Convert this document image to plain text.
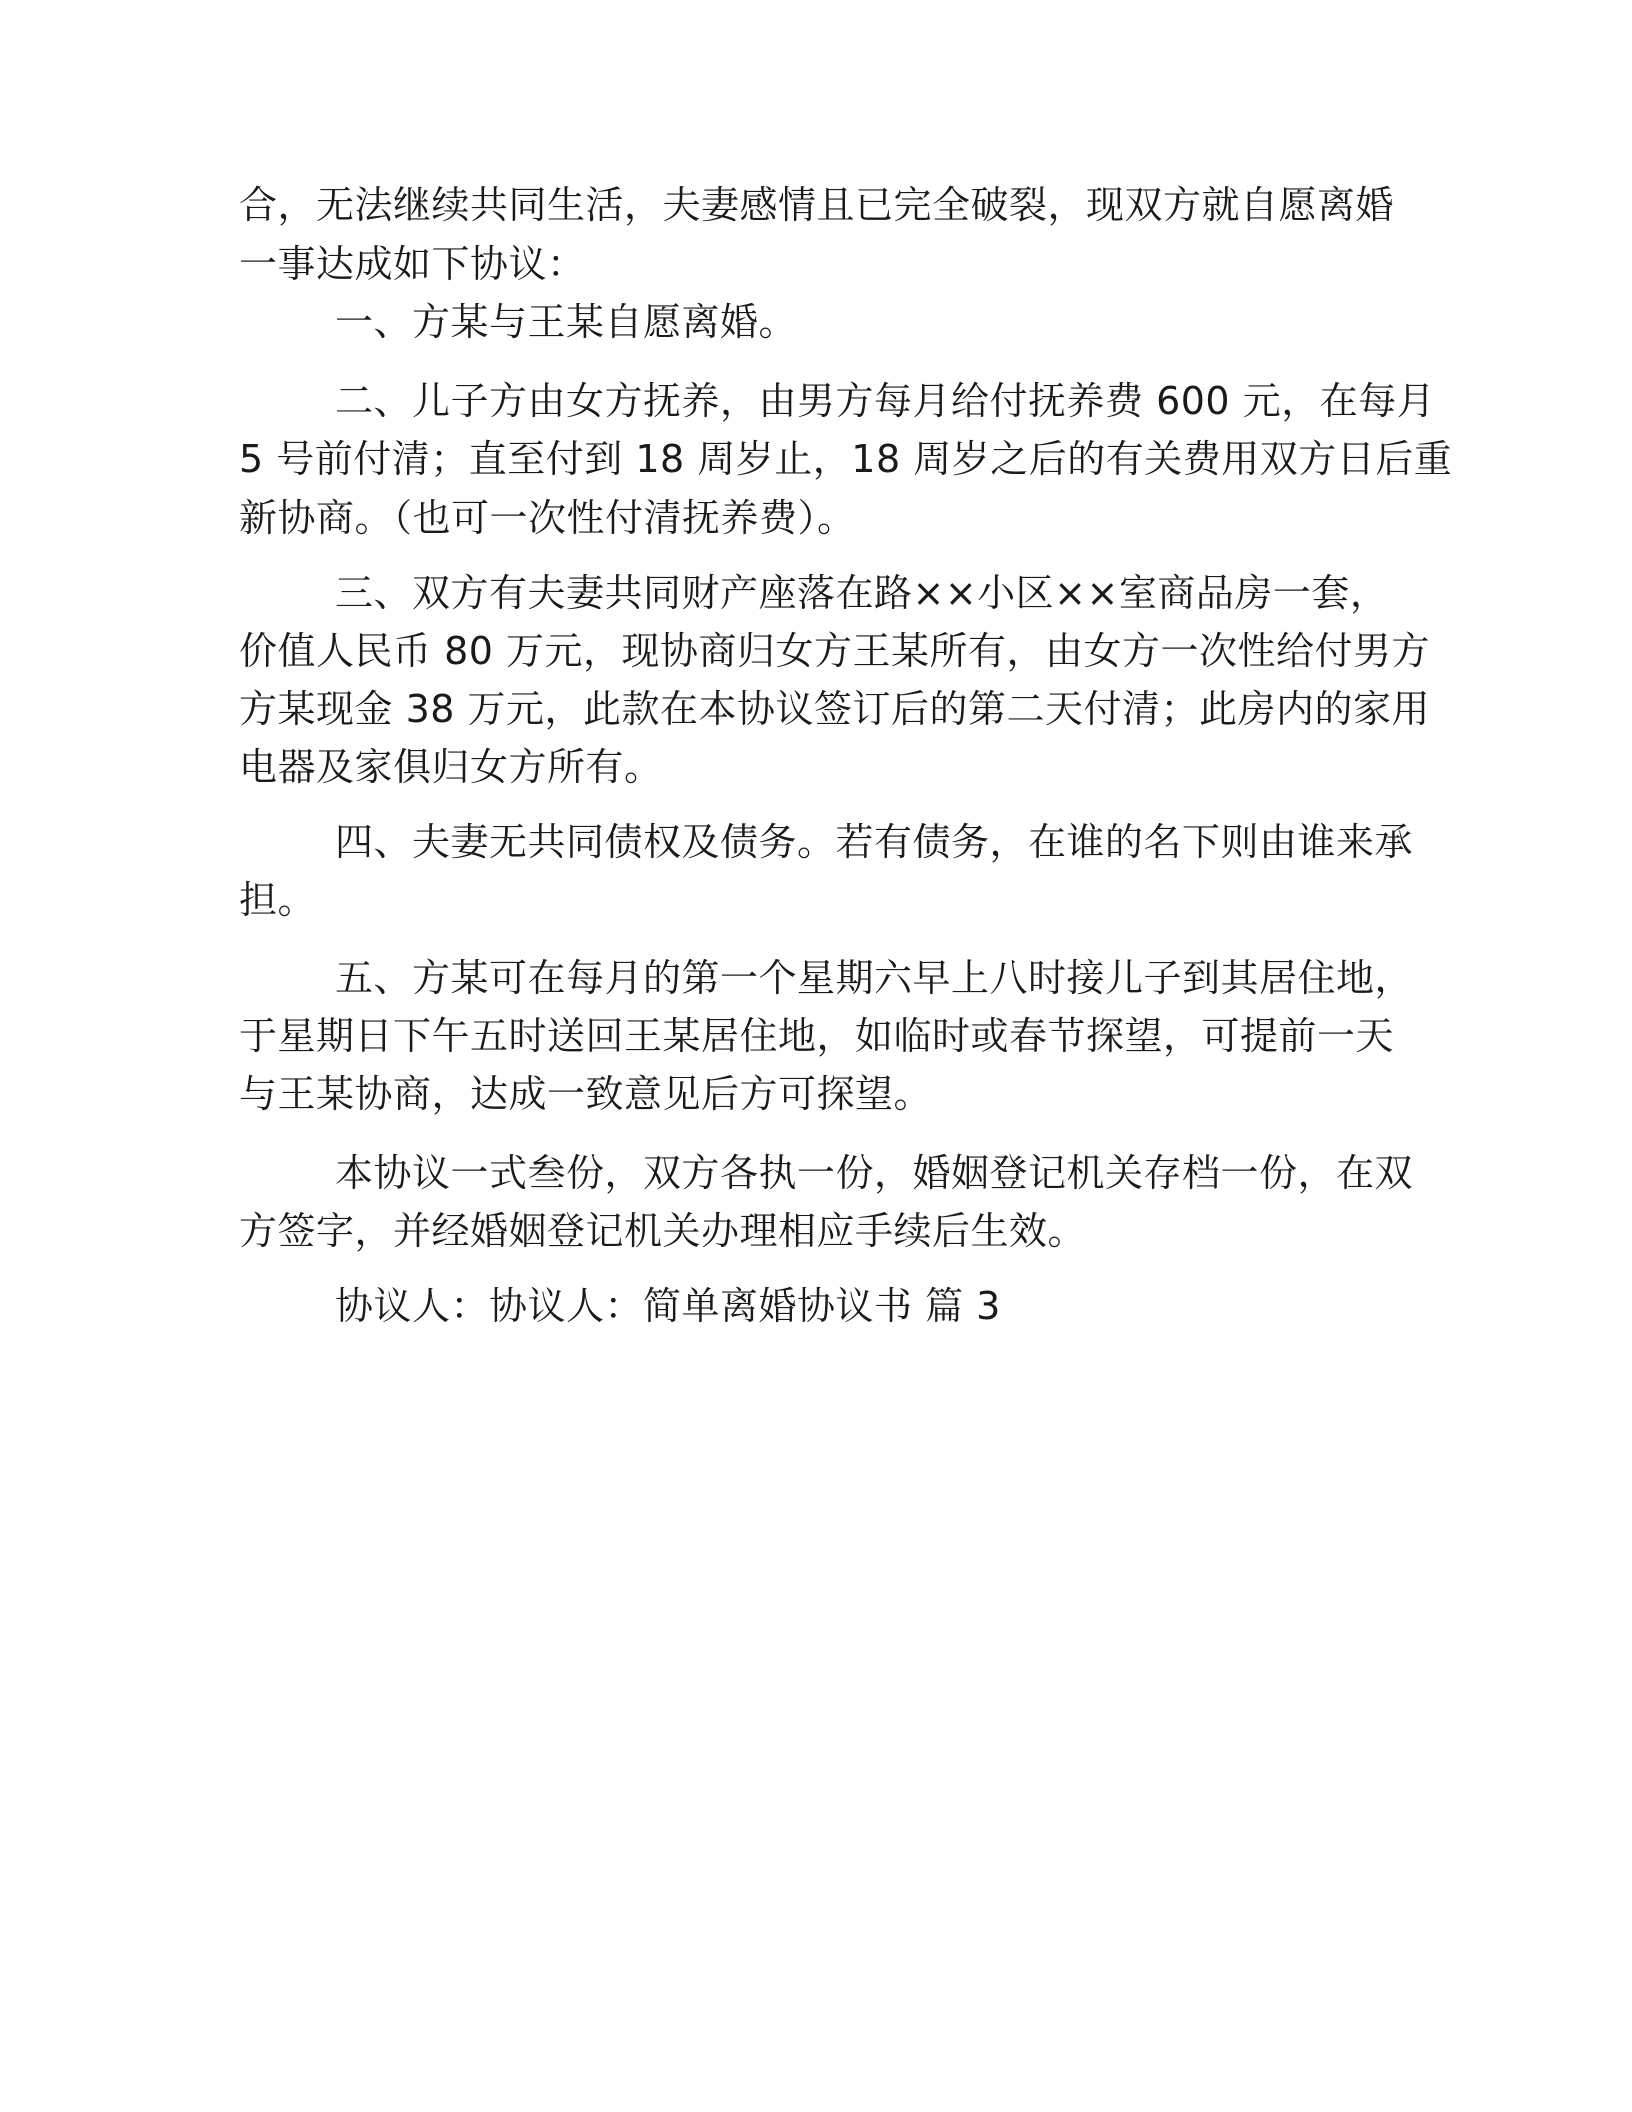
合，无法继续共同生活，夫妻感情且已完全破裂，现双方就自愿离婚
一事达成如下协议：
一、方某与王某自愿离婚。
二、儿子方由女方抚养，由男方每月给付抚养费 600 元，在每月
5 号前付清；直至付到 18 周岁止，18 周岁之后的有关费用双方日后重
新协商。（也可一次性付清抚养费）。
三、双方有夫妻共同财产座落在路××小区××室商品房一套，
价值人民币 80 万元，现协商归女方王某所有，由女方一次性给付男方
方某现金 38 万元，此款在本协议签订后的第二天付清；此房内的家用
电器及家俱归女方所有。
四、夫妻无共同债权及债务。若有债务，在谁的名下则由谁来承
担。
五、方某可在每月的第一个星期六早上八时接儿子到其居住地，
于星期日下午五时送回王某居住地，如临时或春节探望，可提前一天
与王某协商，达成一致意见后方可探望。
本协议一式叁份，双方各执一份，婚姻登记机关存档一份，在双
方签字，并经婚姻登记机关办理相应手续后生效。
协议人：协议人：简单离婚协议书 篇 3
